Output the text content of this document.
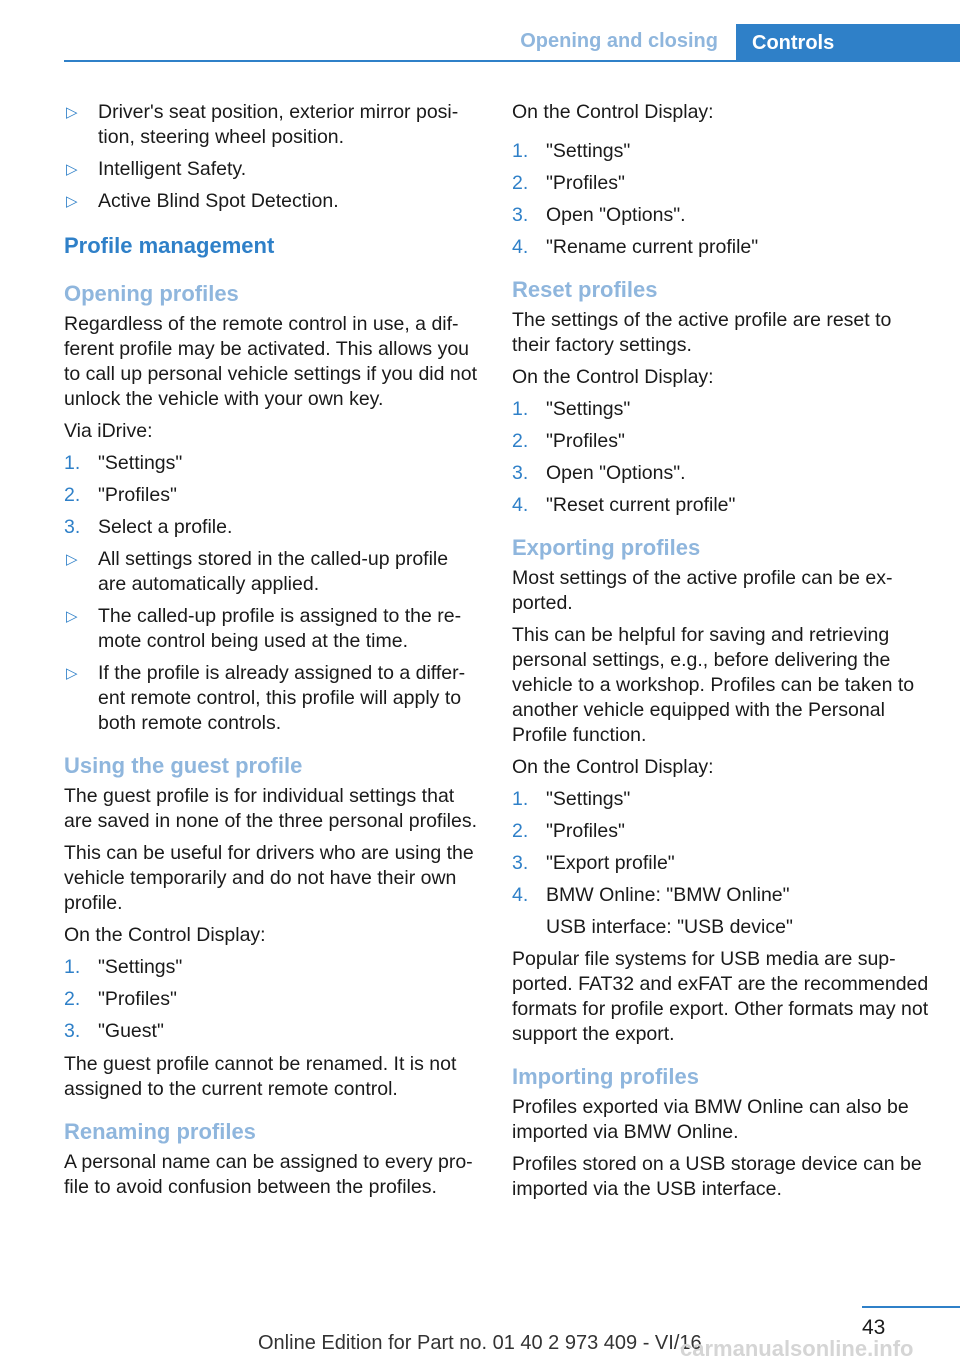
Opening and closing	Controls
▷ Driver's seat position, exterior mirror position, steering wheel position.
▷ Intelligent Safety.
▷ Active Blind Spot Detection.
Profile management
Opening profiles

Regardless of the remote control in use, a different profile may be activated. This allows you to call up personal vehicle settings if you did not unlock the vehicle with your own key.

Via iDrive:

1. "Settings"
2. "Profiles"
3. Select a profile.
▷ All settings stored in the called-up profile are automatically applied.
▷ The called-up profile is assigned to the remote control being used at the time.
▷ If the profile is already assigned to a different remote control, this profile will apply to both remote controls.
Using the guest profile

The guest profile is for individual settings that are saved in none of the three personal profiles.

This can be useful for drivers who are using the vehicle temporarily and do not have their own profile.

On the Control Display:

1. "Settings"
2. "Profiles"
3. "Guest"

The guest profile cannot be renamed. It is not assigned to the current remote control.

Renaming profiles

A personal name can be assigned to every profile to avoid confusion between the profiles.

On the Control Display:

1. "Settings"
2. "Profiles"
3. Open "Options".
4. "Rename current profile"
Reset profiles

The settings of the active profile are reset to their factory settings.

On the Control Display:

1. "Settings"
2. "Profiles"
3. Open "Options".
4. "Reset current profile"
Exporting profiles

Most settings of the active profile can be exported.

This can be helpful for saving and retrieving personal settings, e.g., before delivering the vehicle to a workshop. Profiles can be taken to another vehicle equipped with the Personal Profile function.

On the Control Display:

1. "Settings"
2. "Profiles"
3. "Export profile"
4. BMW Online: "BMW Online"
USB interface: "USB device"

Popular file systems for USB media are supported. FAT32 and exFAT are the recommended formats for profile export. Other formats may not support the export.

Importing profiles

Profiles exported via BMW Online can also be imported via BMW Online.

Profiles stored on a USB storage device can be imported via the USB interface.

43
Online Edition for Part no. 01 40 2 973 409 - VI/16
carmanualsonline.info
